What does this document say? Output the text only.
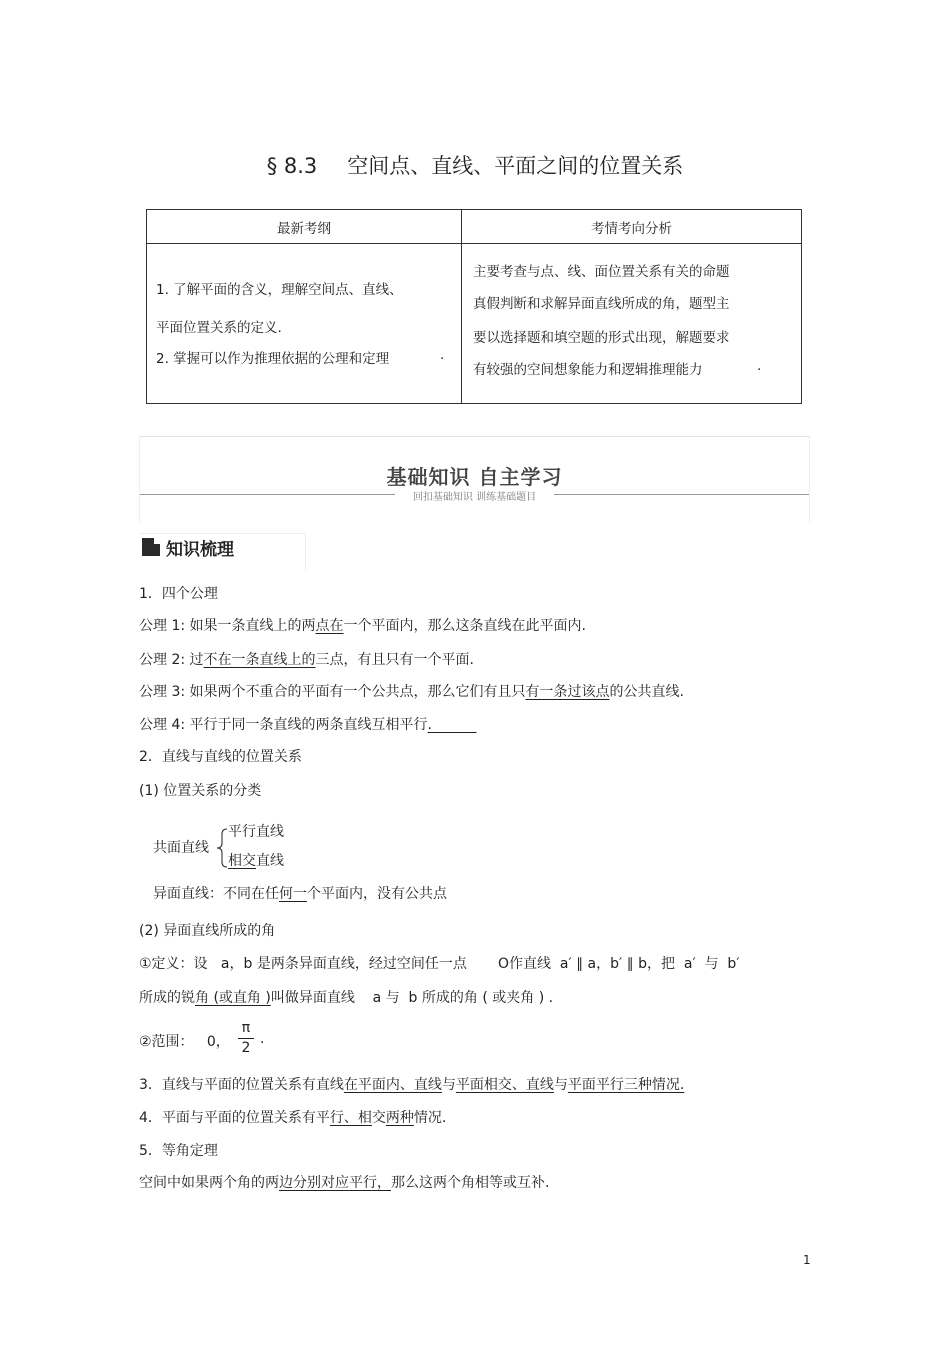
§ 8.3 空间点、直线、平面之间的位置关系
最新考纲	考情考向分析

1. 了解平面的含义，理解空间点、直线、
平面位置关系的定义.
2. 掌握可以作为推理依据的公理和定理 .	主要考查与点、线、面位置关系有关的命题
真假判断和求解异面直线所成的角，题型主
要以选择题和填空题的形式出现，解题要求
有较强的空间想象能力和逻辑推理能力 .
基础知识 自主学习
回扣基础知识 训练基础题目
知识梳理
1．四个公理
公理 1: 如果一条直线上的两点在一个平面内，那么这条直线在此平面内.
公理 2: 过不在一条直线上的三点，有且只有一个平面.
公理 3: 如果两个不重合的平面有一个公共点，那么它们有且只有一条过该点的公共直线.
公理 4: 平行于同一条直线的两条直线互相平行.
2．直线与直线的位置关系
(1) 位置关系的分类
共面直线
平行直线
相交直线
异面直线：不同在任何一个平面内，没有公共点
(2) 异面直线所成的角
①定义：设   a，b 是两条异面直线，经过空间任一点       O作直线  a′ ∥ a，b′ ∥ b，把  a′  与  b′
所成的锐角 (或直角 )叫做异面直线    a 与  b 所成的角 ( 或夹角 ) .
②范围：   0，
π
2
.
3．直线与平面的位置关系有直线在平面内、直线与平面相交、直线与平面平行三种情况.
4．平面与平面的位置关系有平行、相交两种情况.
5．等角定理
空间中如果两个角的两边分别对应平行，那么这两个角相等或互补.
1
